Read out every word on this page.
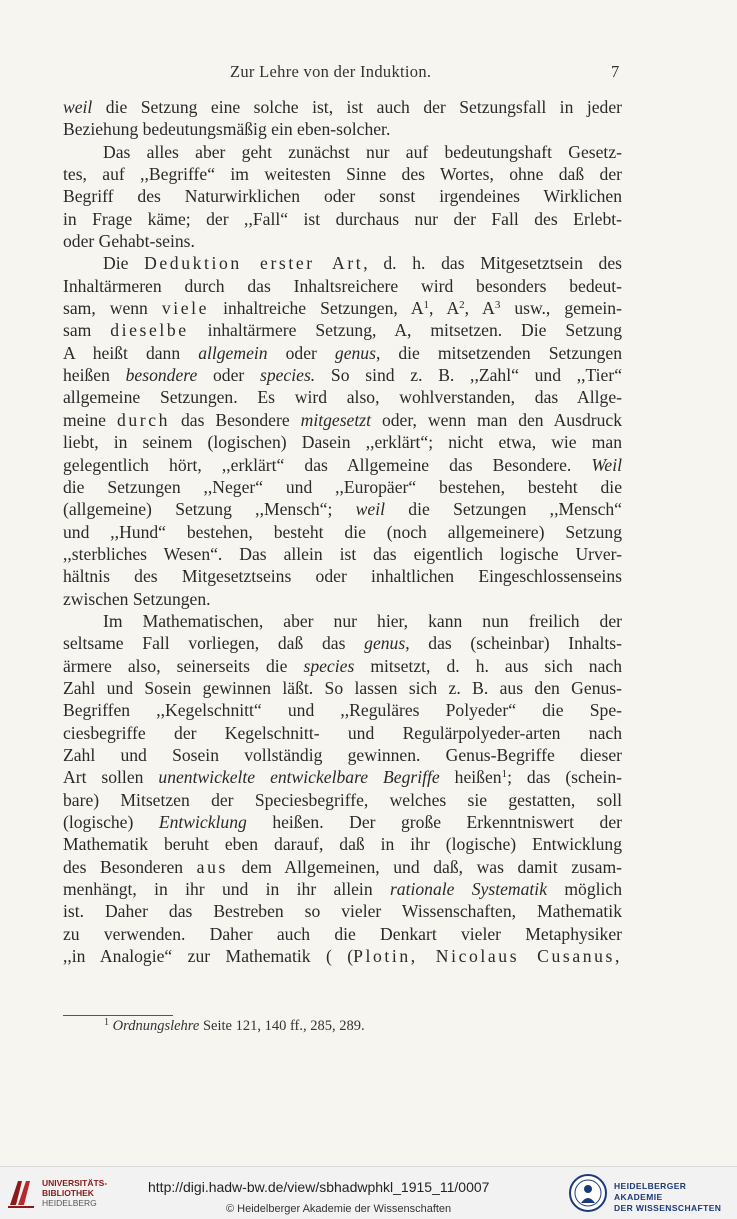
Zur Lehre von der Induktion.	7
weil die Setzung eine solche ist, ist auch der Setzungsfall in jeder
Beziehung bedeutungsmäßig ein eben-solcher.
Das alles aber geht zunächst nur auf bedeutungshaft Gesetz-
tes, auf ,,Begriffe“ im weitesten Sinne des Wortes, ohne daß der
Begriff des Naturwirklichen oder sonst irgendeines Wirklichen
in Frage käme; der ,,Fall“ ist durchaus nur der Fall des Erlebt-
oder Gehabt-seins.
Die Deduktion erster Art, d. h. das Mitgesetztsein des
Inhaltärmeren durch das Inhaltsreichere wird besonders bedeut-
sam, wenn viele inhaltreiche Setzungen, $A^1$, $A^2$, $A^3$ usw., gemein-
sam dieselbe inhaltärmere Setzung, A, mitsetzen. Die Setzung
A heißt dann allgemein oder genus, die mitsetzenden Setzungen
heißen besondere oder species. So sind z. B. ,,Zahl“ und ,,Tier“
allgemeine Setzungen. Es wird also, wohlverstanden, das Allge-
meine durch das Besondere mitgesetzt oder, wenn man den Ausdruck
liebt, in seinem (logischen) Dasein ,,erklärt“; nicht etwa, wie man
gelegentlich hört, ,,erklärt“ das Allgemeine das Besondere. Weil
die Setzungen ,,Neger“ und ,,Europäer“ bestehen, besteht die
(allgemeine) Setzung ,,Mensch“; weil die Setzungen ,,Mensch“
und ,,Hund“ bestehen, besteht die (noch allgemeinere) Setzung
,,sterbliches Wesen“. Das allein ist das eigentlich logische Urver-
hältnis des Mitgesetztseins oder inhaltlichen Eingeschlossenseins
zwischen Setzungen.
Im Mathematischen, aber nur hier, kann nun freilich der
seltsame Fall vorliegen, daß das genus, das (scheinbar) Inhalts-
ärmere also, seinerseits die species mitsetzt, d. h. aus sich nach
Zahl und Sosein gewinnen läßt. So lassen sich z. B. aus den Genus-
Begriffen ,,Kegelschnitt“ und ,,Reguläres Polyeder“ die Spe-
ciesbegriffe der Kegelschnitt- und Regulärpolyeder-arten nach
Zahl und Sosein vollständig gewinnen. Genus-Begriffe dieser
Art sollen unentwickelte entwickelbare Begriffe heißen$^1$; das (schein-
bare) Mitsetzen der Speciesbegriffe, welches sie gestatten, soll
(logische) Entwicklung heißen. Der große Erkenntniswert der
Mathematik beruht eben darauf, daß in ihr (logische) Entwicklung
des Besonderen aus dem Allgemeinen, und daß, was damit zusam-
menhängt, in ihr und in ihr allein rationale Systematik möglich
ist. Daher das Bestreben so vieler Wissenschaften, Mathematik
zu verwenden. Daher auch die Denkart vieler Metaphysiker
,,in Analogie“ zur Mathematik ( (Plotin, Nicolaus Cusanus,
$^1$ Ordnungslehre Seite 121, 140 ff., 285, 289.
UNIVERSITÄTS-
BIBLIOTHEK
HEIDELBERG
http://digi.hadw-bw.de/view/sbhadwphkl_1915_11/0007
© Heidelberger Akademie der Wissenschaften
HEIDELBERGER AKADEMIE
DER WISSENSCHAFTEN
